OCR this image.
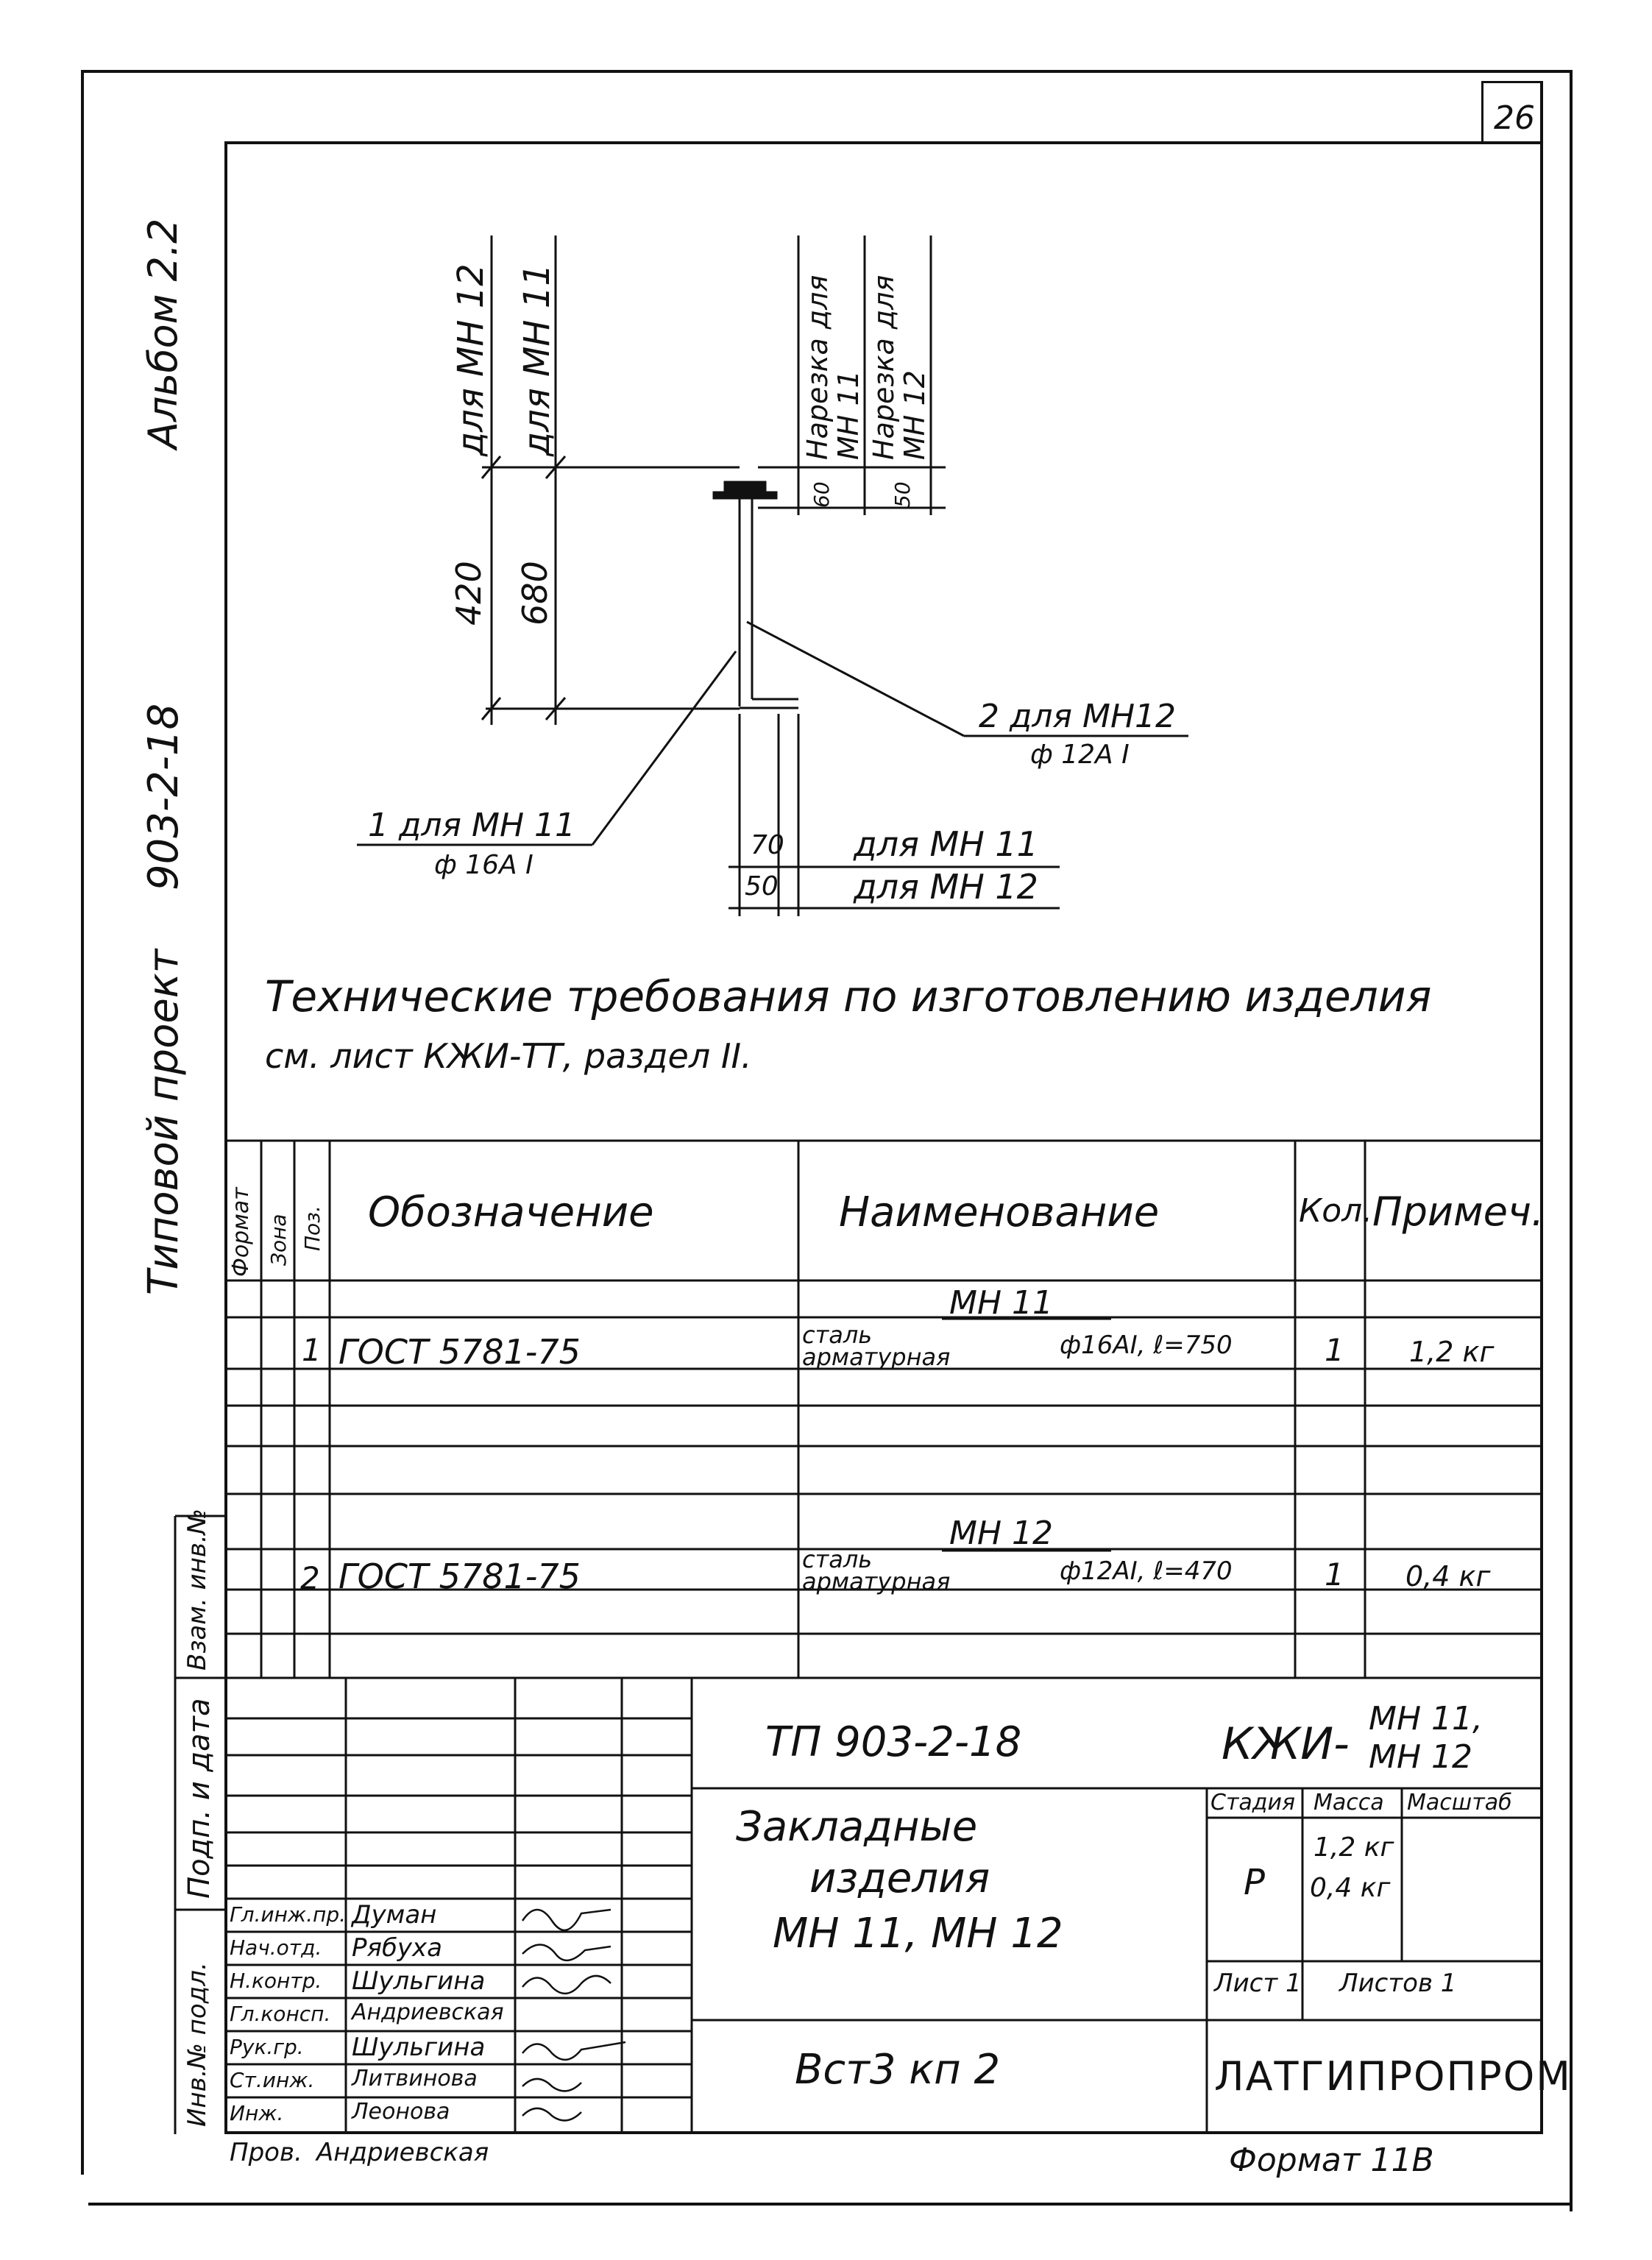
26
Альбом 2.2
903-2-18
Типовой проект
для МН 12 для МН 11
420 680
Нарезка для МН 11 Нарезка для МН 12
60	50
2 для МН12
ф 12А I
1 для МН 11
ф 16А I
70 для МН 11
50 для МН 12
Технические требования по изготовлению изделия
см. лист КЖИ-ТТ, раздел II.
Формат Зона Поз. Обозначение	Наименование	Кол. Примеч.
МН 11
1 ГОСТ 5781-75	сталь
арматурная	ф16АI, ℓ=750	1 1,2 кг
МН 12
2 ГОСТ 5781-75	сталь
арматурная	ф12АI, ℓ=470	1 0,4 кг
Взам. инв.№
Подп. и дата
Инв.№ подл.
ТП 903-2-18	КЖИ- МН 11,
МН 12
Закладные
изделия
МН 11, МН 12
Вст3 кп 2
Стадия Масса Масштаб
Р
1,2 кг
0,4 кг
Лист 1 Листов 1
ЛАТГИПРОПРОМ
Формат 11В
Гл.инж.пр. Думан
Нач.отд. Рябуха
Н.контр. Шульгина
Гл.консп. Андриевская
Рук.гр. Шульгина
Ст.инж. Литвинова
Инж.	Леонова
Пров. Андриевская
